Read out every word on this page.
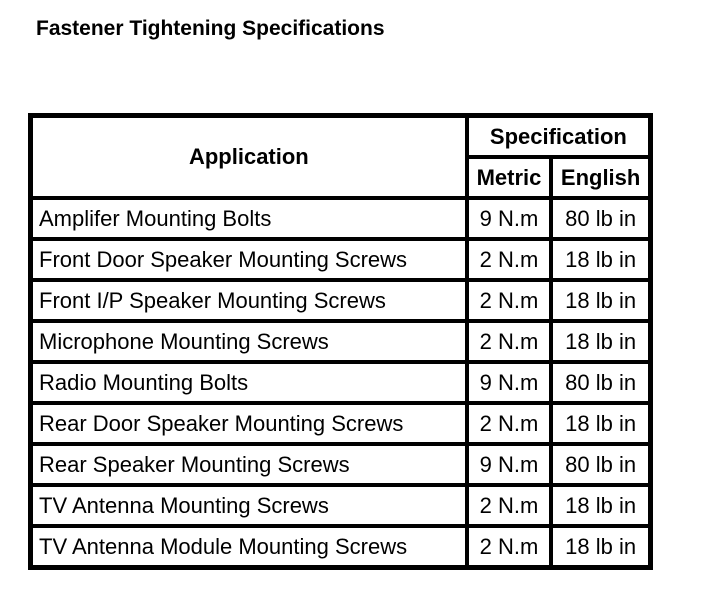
Fastener Tightening Specifications
Application	Specification	
	Metric	English
Amplifer Mounting Bolts	9 N.m	80 lb in
Front Door Speaker Mounting Screws	2 N.m	18 lb in
Front I/P Speaker Mounting Screws	2 N.m	18 lb in
Microphone Mounting Screws	2 N.m	18 lb in
Radio Mounting Bolts	9 N.m	80 lb in
Rear Door Speaker Mounting Screws	2 N.m	18 lb in
Rear Speaker Mounting Screws	9 N.m	80 lb in
TV Antenna Mounting Screws	2 N.m	18 lb in
TV Antenna Module Mounting Screws	2 N.m	18 lb in
